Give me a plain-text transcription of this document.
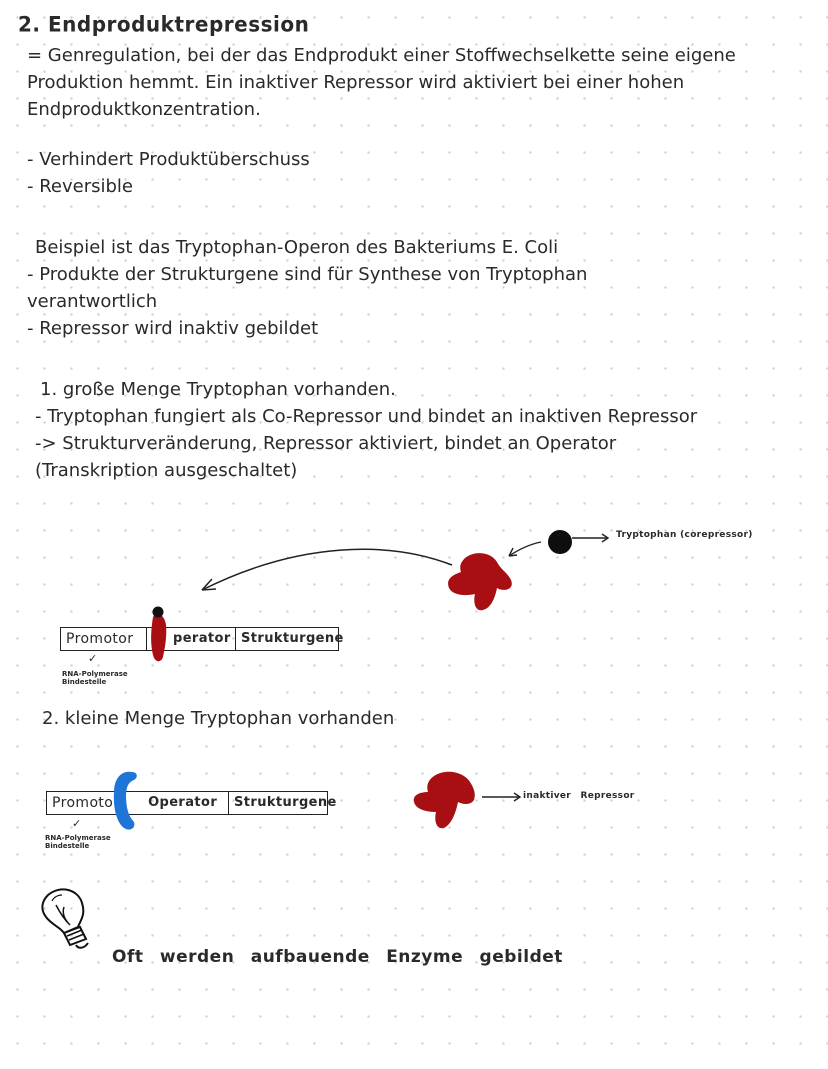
2. Endproduktrepression
= Genregulation, bei der das Endprodukt einer Stoffwechselkette seine eigene
Produktion hemmt. Ein inaktiver Repressor wird aktiviert bei einer hohen
Endproduktkonzentration.
- Verhindert Produktüberschuss
- Reversible
Beispiel ist das Tryptophan-Operon des Bakteriums E. Coli
- Produkte der Strukturgene sind für Synthese von Tryptophan
verantwortlich
- Repressor wird inaktiv gebildet
1. große Menge Tryptophan vorhanden.
- Tryptophan fungiert als Co-Repressor und bindet an inaktiven Repressor
-> Strukturveränderung, Repressor aktiviert, bindet an Operator
(Transkription ausgeschaltet)
Promotor	perator Strukturgene
✓
RNA-Polymerase
Bindestelle
Tryptophan (corepressor)
2. kleine Menge Tryptophan vorhanden
Promoto	Operator	Strukturgene
✓
RNA-Polymerase
Bindestelle
inaktiver Repressor
Oft werden aufbauende Enzyme gebildet
